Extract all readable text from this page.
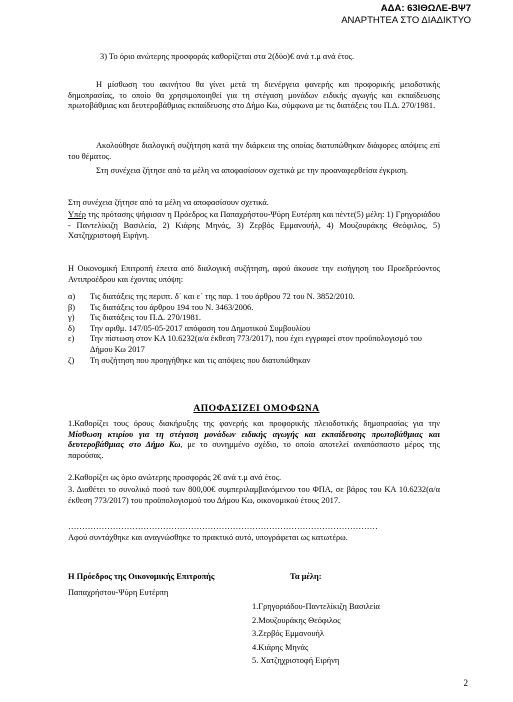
ΑΔΑ: 63ΙΘΩΛΕ-ΒΨ7
ΑΝΑΡΤΗΤΕΑ ΣΤΟ ΔΙΑΔΙΚΤΥΟ
3) Το όριο ανώτερης προσφοράς καθορίζεται στα 2(δύο)€ ανά τ.μ ανά έτος.
Η μίσθωση του ακινήτου θα γίνει μετά τη διενέργεια φανερής και προφορικής μειοδοτικής δημοπρασίας, το οποίο θα χρησιμοποιηθεί για τη στέγαση μονάδων ειδικής αγωγής και εκπαίδευσης πρωτοβάθμιας και δευτεροβάθμιας εκπαίδευσης στο Δήμο Κω, σύμφωνα με τις διατάξεις του Π.Δ. 270/1981.
Ακολούθησε διαλογική συζήτηση κατά την διάρκεια της οποίας διατυπώθηκαν διάφορες απόψεις επί του θέματος.
Στη συνέχεια ζήτησε από τα μέλη να αποφασίσουν σχετικά με την προαναφερθείσα έγκριση.
Στη συνέχεια ζήτησε από τα μέλη να αποφασίσουν σχετικά.
Υπέρ της πρότασης ψήφισαν η Πρόεδρος κα Παπαχρήστου-Ψύρη Ευτέρπη και πέντε(5) μέλη: 1) Γρηγοριάδου - Παντελίκιζη Βασιλεία, 2) Κιάρης Μηνάς, 3) Ζερβός Εμμανουήλ, 4) Μουζουράκης Θεόφιλος, 5) Χατζηχριστοφή Ειρήνη.
Η Οικονομική Επιτροπή έπειτα από διαλογική συζήτηση, αφού άκουσε την εισήγηση του Προεδρεύοντος Αντιπροέδρου και έχοντας υπόψη:
α)	Τις διατάξεις της περιπτ. δ΄ και ε΄ της παρ. 1 του άρθρου 72 του Ν. 3852/2010.
β)	Τις διατάξεις του άρθρου 194 του Ν. 3463/2006.
γ)	Τις διατάξεις του Π.Δ. 270/1981.
δ)	Την αριθμ. 147/05-05-2017 απόφαση του Δημοτικού Συμβουλίου
ε)	Την πίστωση στον ΚΑ 10.6232(α/α έκθεση 773/2017), που έχει εγγραφεί στον προϋπολογισμό του Δήμου Κω 2017
ζ)	Τη συζήτηση που προηγήθηκε και τις απόψεις που διατυπώθηκαν
ΑΠΟΦΑΣΙΖΕΙ ΟΜΟΦΩΝΑ
1.Καθορίζει τους όρους διακήρυξης της φανερής και προφορικής πλειοδοτικής δημοπρασίας για την Μίσθωση κτιρίου για τη στέγαση μονάδων ειδικής αγωγής και εκπαίδευσης πρωτοβάθμιας και δευτεροβάθμιας στο Δήμο Κω, με το συνημμένο σχέδιο, το οποίο αποτελεί αναπόσπαστο μέρος της παρούσας.
2.Καθορίζει ως όριο ανώτερης προσφοράς 2€ ανά τ.μ ανά έτος.
3. Διαθέτει το συνολικό ποσό των 800,00€ συμπεριλαμβανόμενου του ΦΠΑ, σε βάρος του ΚΑ 10.6232(α/α έκθεση 773/2017) του προϋπολογισμού του Δήμου Κω, οικονομικού έτους 2017.
…………………………………………………………………………………………………
Αφού συντάχθηκε και αναγνώσθηκε το πρακτικό αυτό, υπογράφεται ως κατωτέρω.
Η Πρόεδρος της Οικονομικής Επιτροπής	Τα μέλη:
Παπαχρήστου-Ψύρη Ευτέρπη
1.Γρηγοριάδου-Παντελίκιζη Βασιλεία
2.Μουζουράκης Θεόφιλος
3.Ζερβός Εμμανουήλ
4.Κιάρης Μηνάς
5. Χατζηχριστοφή Ειρήνη
2
